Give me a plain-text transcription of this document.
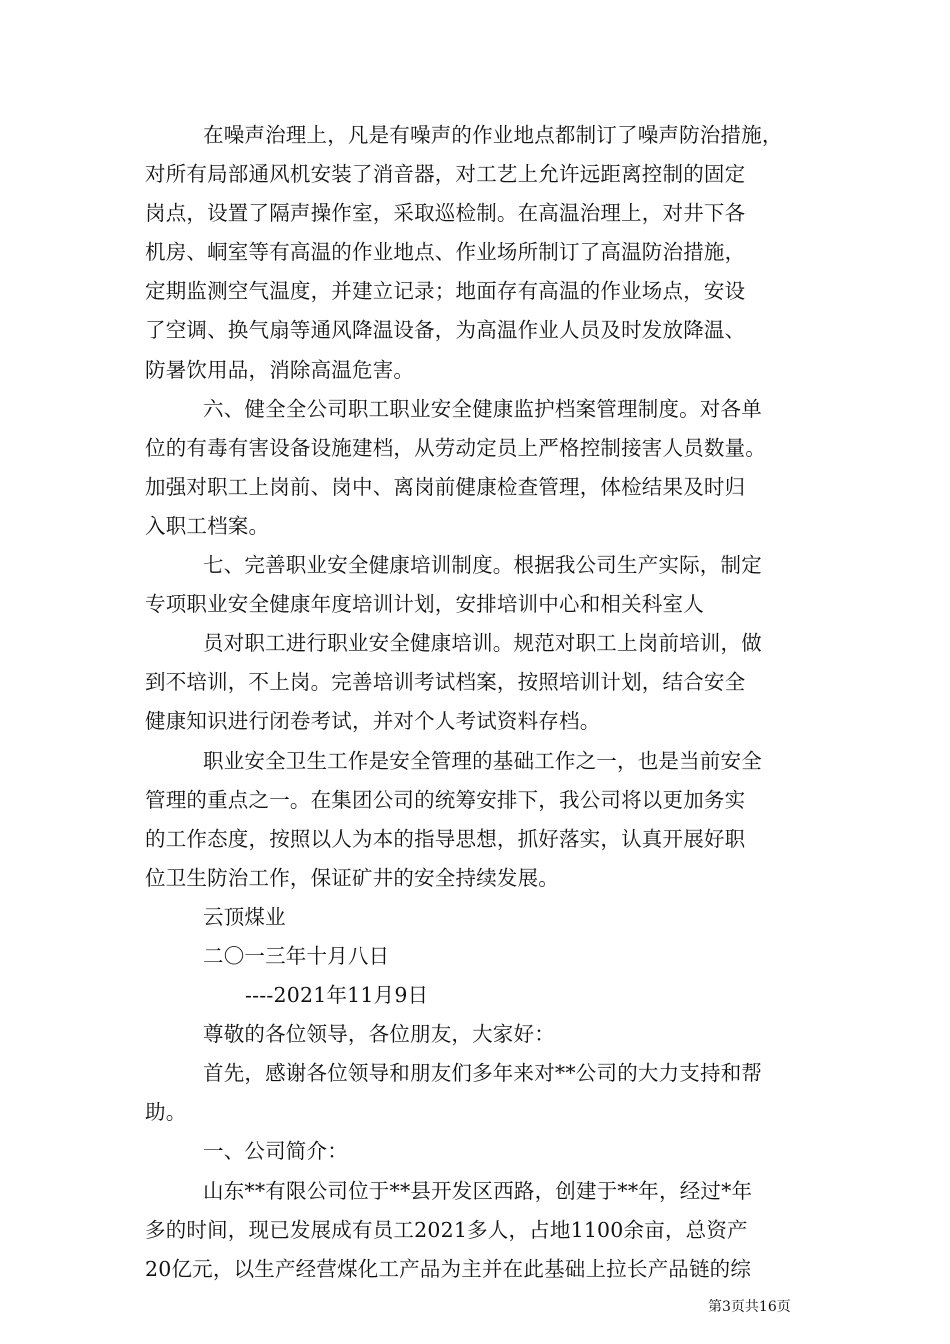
在噪声治理上，凡是有噪声的作业地点都制订了噪声防治措施，
对所有局部通风机安装了消音器，对工艺上允许远距离控制的固定
岗点，设置了隔声操作室，采取巡检制。在高温治理上，对井下各
机房、峒室等有高温的作业地点、作业场所制订了高温防治措施，
定期监测空气温度，并建立记录；地面存有高温的作业场点，安设
了空调、换气扇等通风降温设备，为高温作业人员及时发放降温、
防暑饮用品，消除高温危害。
六、健全全公司职工职业安全健康监护档案管理制度。对各单
位的有毒有害设备设施建档，从劳动定员上严格控制接害人员数量。
加强对职工上岗前、岗中、离岗前健康检查管理，体检结果及时归
入职工档案。
七、完善职业安全健康培训制度。根据我公司生产实际，制定
专项职业安全健康年度培训计划，安排培训中心和相关科室人
员对职工进行职业安全健康培训。规范对职工上岗前培训，做
到不培训，不上岗。完善培训考试档案，按照培训计划，结合安全
健康知识进行闭卷考试，并对个人考试资料存档。
职业安全卫生工作是安全管理的基础工作之一，也是当前安全
管理的重点之一。在集团公司的统筹安排下，我公司将以更加务实
的工作态度，按照以人为本的指导思想，抓好落实，认真开展好职
位卫生防治工作，保证矿井的安全持续发展。
云顶煤业
二〇一三年十月八日
----2021年11月9日
尊敬的各位领导，各位朋友，大家好：
首先，感谢各位领导和朋友们多年来对**公司的大力支持和帮
助。
一、公司简介：
山东**有限公司位于**县开发区西路，创建于**年，经过*年
多的时间，现已发展成有员工2021多人，占地1100余亩，总资产
20亿元，以生产经营煤化工产品为主并在此基础上拉长产品链的综
第3页共16页
